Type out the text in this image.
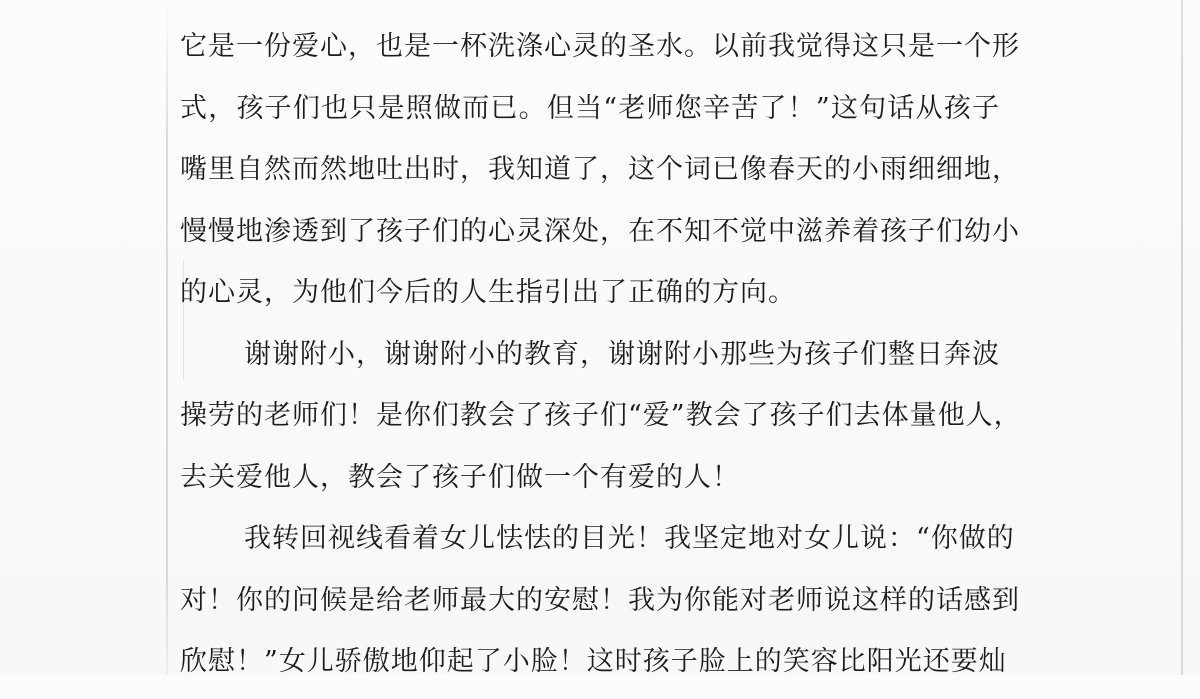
它是一份爱心，也是一杯洗涤心灵的圣水。以前我觉得这只是一个形
式，孩子们也只是照做而已。但当“老师您辛苦了！”这句话从孩子
嘴里自然而然地吐出时，我知道了，这个词已像春天的小雨细细地，
慢慢地渗透到了孩子们的心灵深处，在不知不觉中滋养着孩子们幼小
的心灵，为他们今后的人生指引出了正确的方向。
谢谢附小，谢谢附小的教育，谢谢附小那些为孩子们整日奔波
操劳的老师们！是你们教会了孩子们“爱”教会了孩子们去体量他人，
去关爱他人，教会了孩子们做一个有爱的人！
我转回视线看着女儿怯怯的目光！我坚定地对女儿说：“你做的
对！你的问候是给老师最大的安慰！我为你能对老师说这样的话感到
欣慰！”女儿骄傲地仰起了小脸！这时孩子脸上的笑容比阳光还要灿
